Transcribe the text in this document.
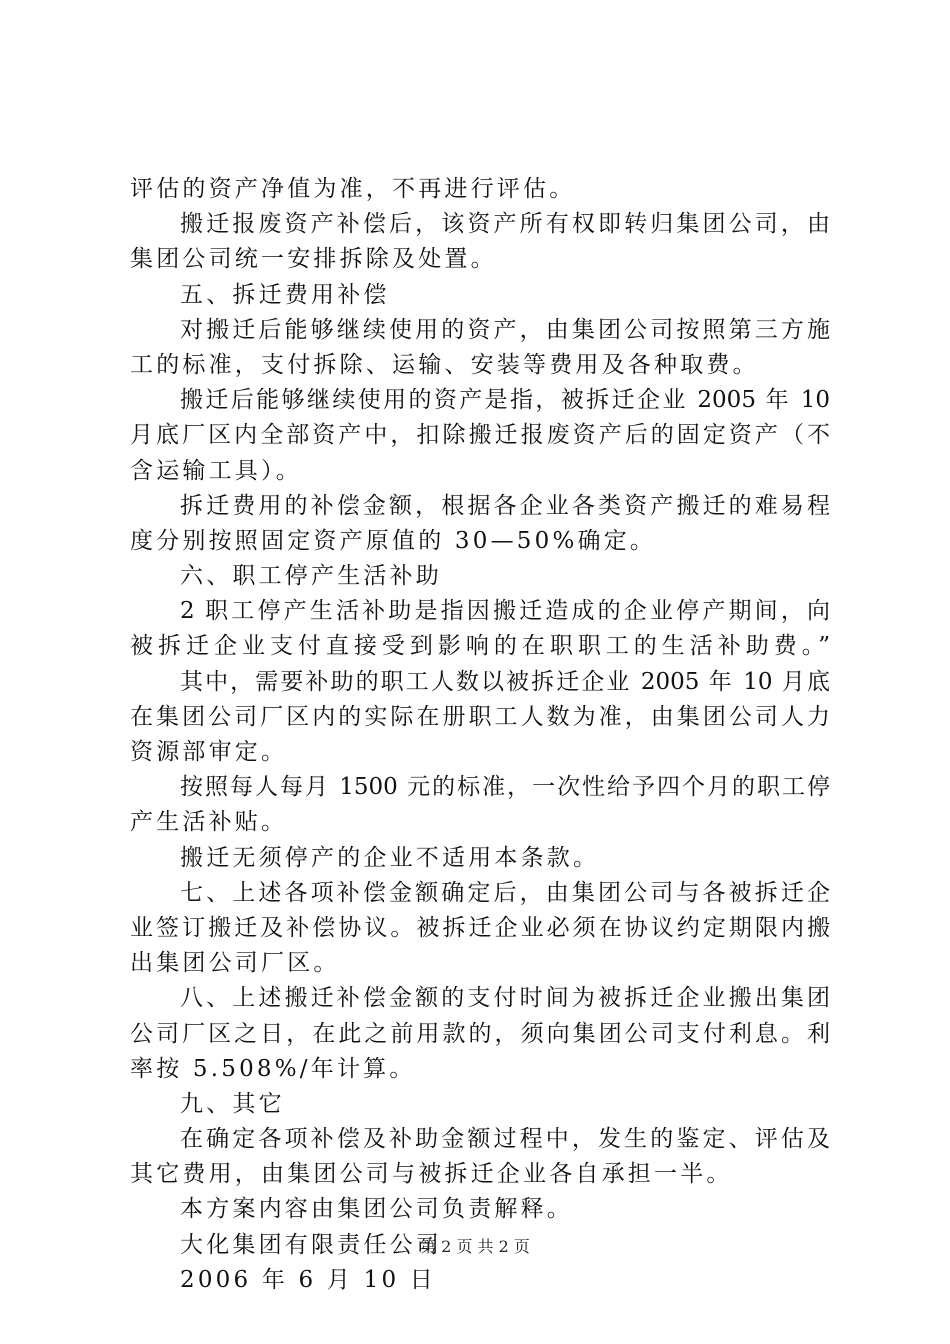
评估的资产净值为准，不再进行评估。
搬迁报废资产补偿后，该资产所有权即转归集团公司，由
集团公司统一安排拆除及处置。
五、拆迁费用补偿
对搬迁后能够继续使用的资产，由集团公司按照第三方施
工的标准，支付拆除、运输、安装等费用及各种取费。
搬迁后能够继续使用的资产是指，被拆迁企业 2005 年 10
月底厂区内全部资产中，扣除搬迁报废资产后的固定资产（不
含运输工具）。
拆迁费用的补偿金额，根据各企业各类资产搬迁的难易程
度分别按照固定资产原值的 30—50%确定。
六、职工停产生活补助
2 职工停产生活补助是指因搬迁造成的企业停产期间，向
被拆迁企业支付直接受到影响的在职职工的生活补助费。”
其中，需要补助的职工人数以被拆迁企业 2005 年 10 月底
在集团公司厂区内的实际在册职工人数为准，由集团公司人力
资源部审定。
按照每人每月 1500 元的标准，一次性给予四个月的职工停
产生活补贴。
搬迁无须停产的企业不适用本条款。
七、上述各项补偿金额确定后，由集团公司与各被拆迁企
业签订搬迁及补偿协议。被拆迁企业必须在协议约定期限内搬
出集团公司厂区。
八、上述搬迁补偿金额的支付时间为被拆迁企业搬出集团
公司厂区之日，在此之前用款的，须向集团公司支付利息。利
率按 5.508%/年计算。
九、其它
在确定各项补偿及补助金额过程中，发生的鉴定、评估及
其它费用，由集团公司与被拆迁企业各自承担一半。
本方案内容由集团公司负责解释。
大化集团有限责任公司
2006 年 6 月 10 日
第 2 页 共 2 页
